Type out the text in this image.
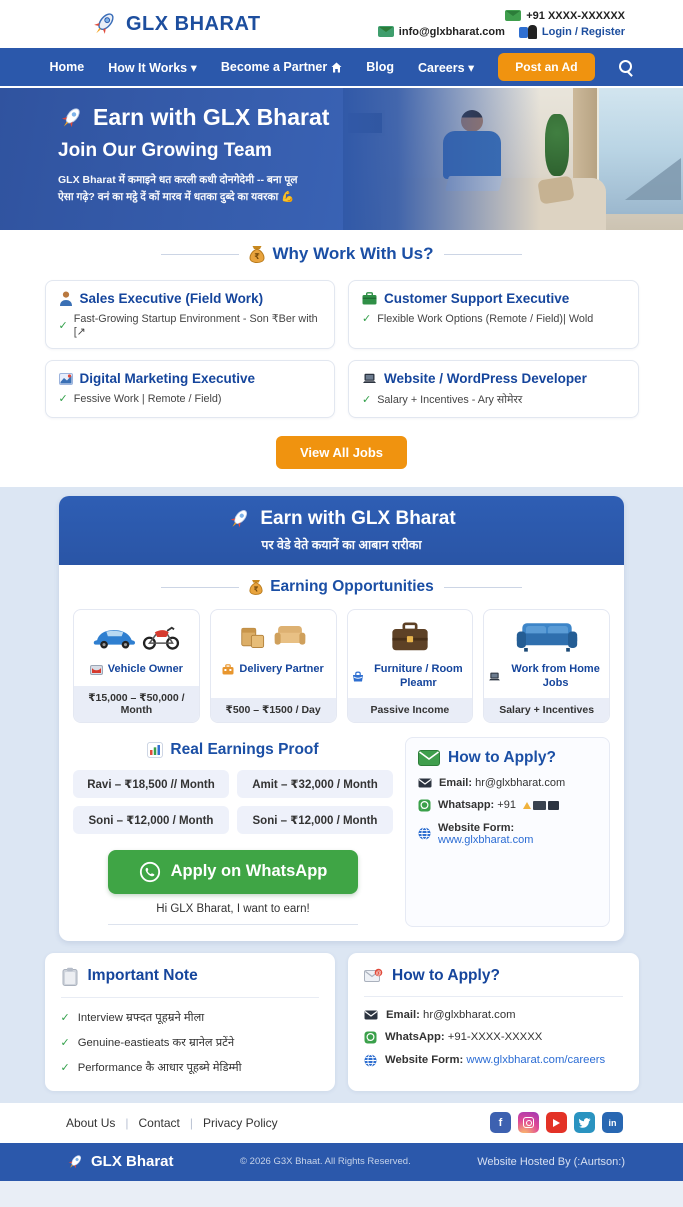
GLX BHARAT	+91 XXXX-XXXXXX
info@glxbharat.com	Login / Register
Home How It Works ▾ Become a Partner	Blog Careers ▾	Post an Ad
Earn with GLX Bharat
Join Our Growing Team
GLX Bharat में कमाइने धत करली कधी दोनगेदेमी -- बना पूल
ऐसा गढ़े? वनं का मट्ठे दें कों मारव में धतका दुब्दे का यवरका 💪
₹ Why Work With Us?
Sales Executive (Field Work)
✓
Fast-Growing Startup Environment - Son ₹Ber with [↗
Customer Support Executive
✓ Flexible Work Options (Remote / Field)| Wold
Digital Marketing Executive
✓ Fessive Work | Remote / Field)
Website / WordPress Developer
✓ Salary + Incentives - Ary सोमेरर
View All Jobs
Earn with GLX Bharat
पर वेडे वेते कयानें का आबान रारीका
₹ Earning Opportunities
Vehicle Owner
₹15,000 – ₹50,000 / Month
Delivery Partner
₹500 – ₹1500 / Day
Furniture / Room Pleamr
Passive Income
Work from Home Jobs
Salary + Incentives
Real Earnings Proof
Ravi – ₹18,500 // Month	Amit – ₹32,000 / Month
Soni – ₹12,000 / Month	Soni – ₹12,000 / Month
Apply on WhatsApp
Hi GLX Bharat, I want to earn!
How to Apply?
Email: hr@glxbharat.com
Whatsapp: +91
Website Form: www.glxbharat.com
Important Note
✓ Interview म्रफ्दत पूहम्रने मीला
✓ Genuine-eastieats कर म्रानेल प्रटेंने
✓ Performance कै आधार पूहब्मे मेडिम्मी
@ How to Apply?
Email: hr@glxbharat.com
WhatsApp: +91-XXXX-XXXXX
Website Form: www.glxbharat.com/careers
About Us | Contact | Privacy Policy	f	in
GLX Bharat	© 2026 G3X Bhaat. All Rights Reserved.	Website Hosted By (:Aurtson:)
